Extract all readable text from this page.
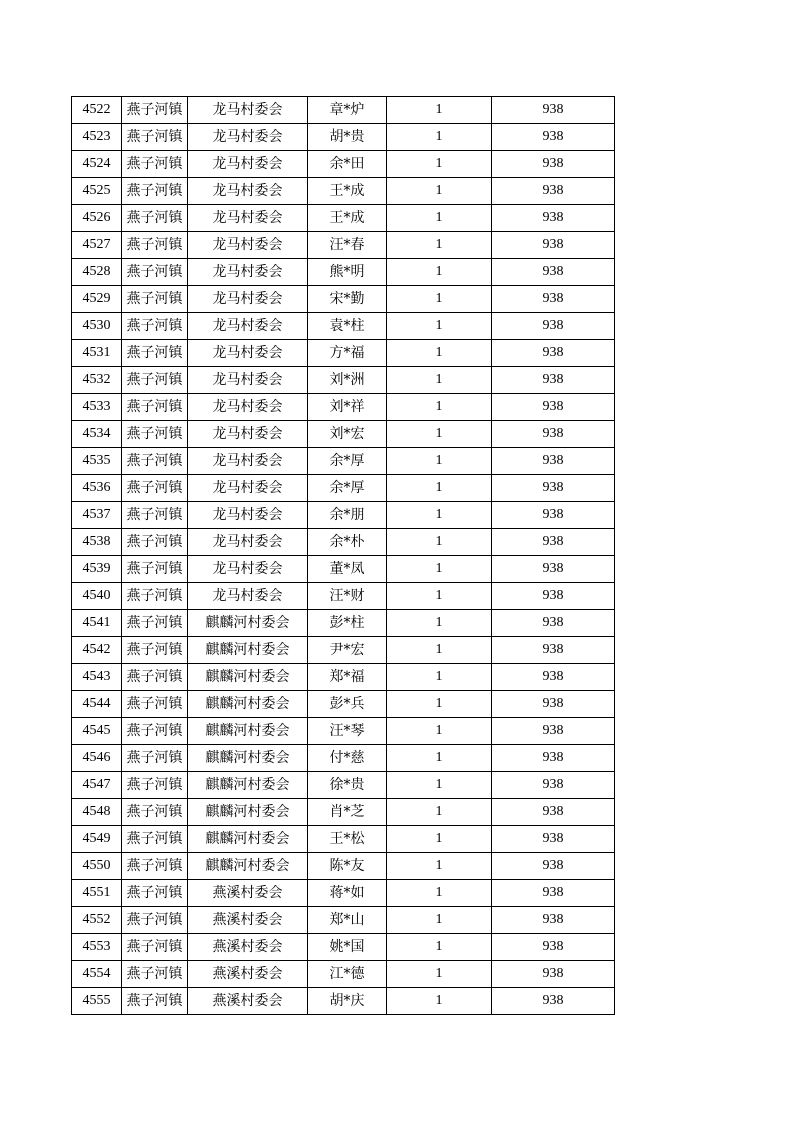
4522	燕子河镇	龙马村委会	章*炉	1	938
4523	燕子河镇	龙马村委会	胡*贵	1	938
4524	燕子河镇	龙马村委会	余*田	1	938
4525	燕子河镇	龙马村委会	王*成	1	938
4526	燕子河镇	龙马村委会	王*成	1	938
4527	燕子河镇	龙马村委会	汪*春	1	938
4528	燕子河镇	龙马村委会	熊*明	1	938
4529	燕子河镇	龙马村委会	宋*勤	1	938
4530	燕子河镇	龙马村委会	袁*柱	1	938
4531	燕子河镇	龙马村委会	方*福	1	938
4532	燕子河镇	龙马村委会	刘*洲	1	938
4533	燕子河镇	龙马村委会	刘*祥	1	938
4534	燕子河镇	龙马村委会	刘*宏	1	938
4535	燕子河镇	龙马村委会	余*厚	1	938
4536	燕子河镇	龙马村委会	余*厚	1	938
4537	燕子河镇	龙马村委会	余*朋	1	938
4538	燕子河镇	龙马村委会	余*朴	1	938
4539	燕子河镇	龙马村委会	董*凤	1	938
4540	燕子河镇	龙马村委会	汪*财	1	938
4541	燕子河镇	麒麟河村委会	彭*柱	1	938
4542	燕子河镇	麒麟河村委会	尹*宏	1	938
4543	燕子河镇	麒麟河村委会	郑*福	1	938
4544	燕子河镇	麒麟河村委会	彭*兵	1	938
4545	燕子河镇	麒麟河村委会	汪*琴	1	938
4546	燕子河镇	麒麟河村委会	付*慈	1	938
4547	燕子河镇	麒麟河村委会	徐*贵	1	938
4548	燕子河镇	麒麟河村委会	肖*芝	1	938
4549	燕子河镇	麒麟河村委会	王*松	1	938
4550	燕子河镇	麒麟河村委会	陈*友	1	938
4551	燕子河镇	燕溪村委会	蒋*如	1	938
4552	燕子河镇	燕溪村委会	郑*山	1	938
4553	燕子河镇	燕溪村委会	姚*国	1	938
4554	燕子河镇	燕溪村委会	江*德	1	938
4555	燕子河镇	燕溪村委会	胡*庆	1	938
